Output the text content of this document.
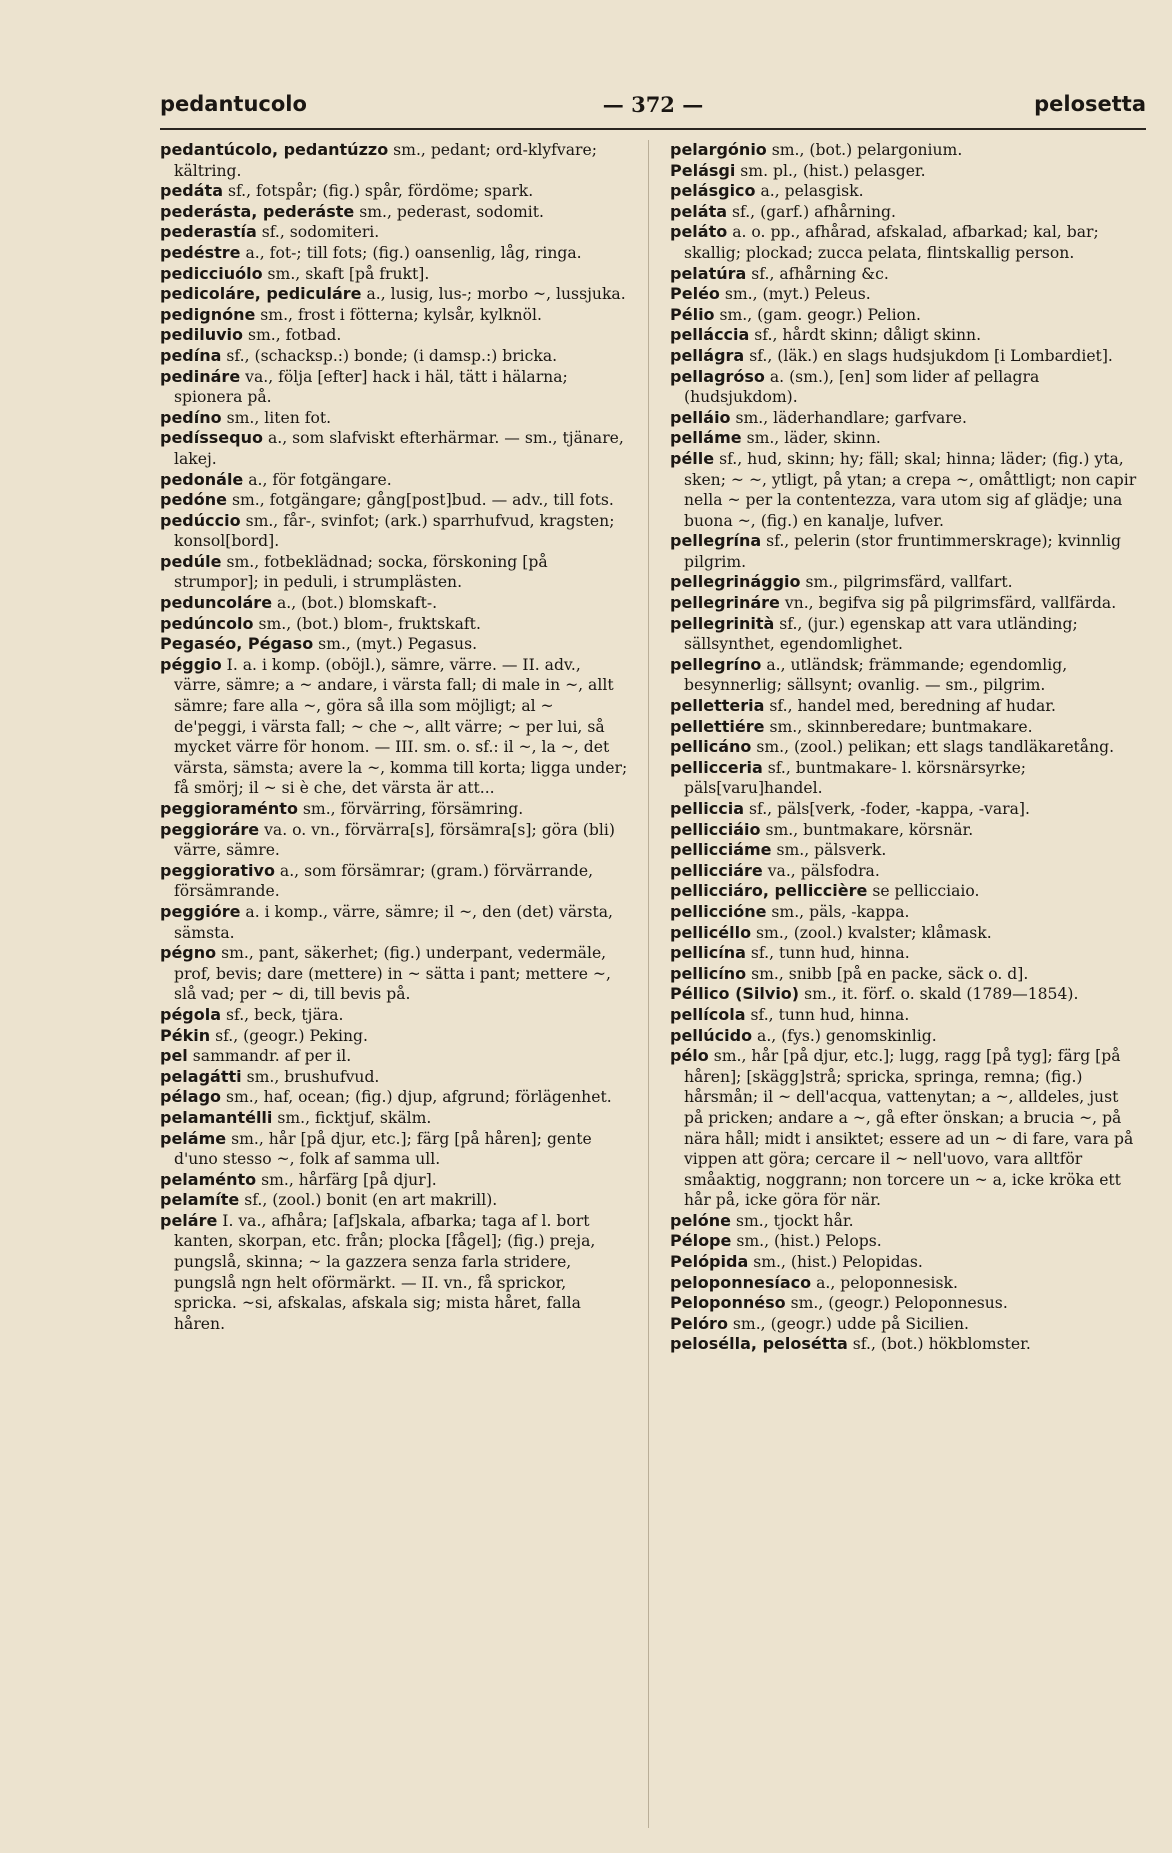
pedantucolo	— 372 —	pelosetta

pedantúcolo, pedantúzzo sm., pedant; ord-klyfvare; kältring.

pedáta sf., fotspår; (fig.) spår, fördöme; spark.

pederásta, pederáste sm., pederast, sodomit.

pederastía sf., sodomiteri.

pedéstre a., fot-; till fots; (fig.) oansenlig, låg, ringa.

pedicciuólo sm., skaft [på frukt].

pedicoláre, pediculáre a., lusig, lus-; morbo ~, lussjuka.

pedignóne sm., frost i fötterna; kylsår, kylknöl.

pediluvio sm., fotbad.

pedína sf., (schacksp.:) bonde; (i damsp.:) bricka.

pedináre va., följa [efter] hack i häl, tätt i hälarna; spionera på.

pedíno sm., liten fot.

pedíssequo a., som slafviskt efterhärmar. — sm., tjänare, lakej.

pedonále a., för fotgängare.

pedóne sm., fotgängare; gång[post]bud. — adv., till fots.

pedúccio sm., får-, svinfot; (ark.) sparrhufvud, kragsten; konsol[bord].

pedúle sm., fotbeklädnad; socka, förskoning [på strumpor]; in peduli, i strumplästen.

peduncoláre a., (bot.) blomskaft-.

pedúncolo sm., (bot.) blom-, fruktskaft.

Pegaséo, Pégaso sm., (myt.) Pegasus.

péggio I. a. i komp. (oböjl.), sämre, värre. — II. adv., värre, sämre; a ~ andare, i värsta fall; di male in ~, allt sämre; fare alla ~, göra så illa som möjligt; al ~ de'peggi, i värsta fall; ~ che ~, allt värre; ~ per lui, så mycket värre för honom. — III. sm. o. sf.: il ~, la ~, det värsta, sämsta; avere la ~, komma till korta; ligga under; få smörj; il ~ si è che, det värsta är att...

peggioraménto sm., förvärring, försämring.

peggioráre va. o. vn., förvärra[s], försämra[s]; göra (bli) värre, sämre.

peggiorativo a., som försämrar; (gram.) förvärrande, försämrande.

peggióre a. i komp., värre, sämre; il ~, den (det) värsta, sämsta.

pégno sm., pant, säkerhet; (fig.) underpant, vedermäle, prof, bevis; dare (mettere) in ~ sätta i pant; mettere ~, slå vad; per ~ di, till bevis på.

pégola sf., beck, tjära.

Pékin sf., (geogr.) Peking.

pel sammandr. af per il.

pelagátti sm., brushufvud.

pélago sm., haf, ocean; (fig.) djup, afgrund; förlägenhet.

pelamantélli sm., ficktjuf, skälm.

peláme sm., hår [på djur, etc.]; färg [på håren]; gente d'uno stesso ~, folk af samma ull.

pelaménto sm., hårfärg [på djur].

pelamíte sf., (zool.) bonit (en art makrill).

peláre I. va., afhåra; [af]skala, afbarka; taga af l. bort kanten, skorpan, etc. från; plocka [fågel]; (fig.) preja, pungslå, skinna; ~ la gazzera senza farla stridere, pungslå ngn helt oförmärkt. — II. vn., få sprickor, spricka. ~si, afskalas, afskala sig; mista håret, falla håren.

pelargónio sm., (bot.) pelargonium.

Pelásgi sm. pl., (hist.) pelasger.

pelásgico a., pelasgisk.

peláta sf., (garf.) afhårning.

peláto a. o. pp., afhårad, afskalad, afbarkad; kal, bar; skallig; plockad; zucca pelata, flintskallig person.

pelatúra sf., afhårning &c.

Peléo sm., (myt.) Peleus.

Pélio sm., (gam. geogr.) Pelion.

pelláccia sf., hårdt skinn; dåligt skinn.

pellágra sf., (läk.) en slags hudsjukdom [i Lombardiet].

pellagróso a. (sm.), [en] som lider af pellagra (hudsjukdom).

pelláio sm., läderhandlare; garfvare.

pelláme sm., läder, skinn.

pélle sf., hud, skinn; hy; fäll; skal; hinna; läder; (fig.) yta, sken; ~ ~, ytligt, på ytan; a crepa ~, omåttligt; non capir nella ~ per la contentezza, vara utom sig af glädje; una buona ~, (fig.) en kanalje, lufver.

pellegrína sf., pelerin (stor fruntimmerskrage); kvinnlig pilgrim.

pellegrinággio sm., pilgrimsfärd, vallfart.

pellegrináre vn., begifva sig på pilgrimsfärd, vallfärda.

pellegrinità sf., (jur.) egenskap att vara utländing; sällsynthet, egendomlighet.

pellegríno a., utländsk; främmande; egendomlig, besynnerlig; sällsynt; ovanlig. — sm., pilgrim.

pelletteria sf., handel med, beredning af hudar.

pellettiére sm., skinnberedare; buntmakare.

pellicáno sm., (zool.) pelikan; ett slags tandläkaretång.

pellicceria sf., buntmakare- l. körsnärsyrke; päls[varu]handel.

pelliccia sf., päls[verk, -foder, -kappa, -vara].

pellicciáio sm., buntmakare, körsnär.

pellicciáme sm., pälsverk.

pellicciáre va., pälsfodra.

pellicciáro, pelliccière se pellicciaio.

pelliccióne sm., päls, -kappa.

pellicéllo sm., (zool.) kvalster; klåmask.

pellicína sf., tunn hud, hinna.

pellicíno sm., snibb [på en packe, säck o. d].

Péllico (Silvio) sm., it. förf. o. skald (1789—1854).

pellícola sf., tunn hud, hinna.

pellúcido a., (fys.) genomskinlig.

pélo sm., hår [på djur, etc.]; lugg, ragg [på tyg]; färg [på håren]; [skägg]strå; spricka, springa, remna; (fig.) hårsmån; il ~ dell'acqua, vattenytan; a ~, alldeles, just på pricken; andare a ~, gå efter önskan; a brucia ~, på nära håll; midt i ansiktet; essere ad un ~ di fare, vara på vippen att göra; cercare il ~ nell'uovo, vara alltför småaktig, noggrann; non torcere un ~ a, icke kröka ett hår på, icke göra för när.

pelóne sm., tjockt hår.

Pélope sm., (hist.) Pelops.

Pelópida sm., (hist.) Pelopidas.

peloponnesíaco a., peloponnesisk.

Peloponnéso sm., (geogr.) Peloponnesus.

Pelóro sm., (geogr.) udde på Sicilien.

pelosélla, pelosétta sf., (bot.) hökblomster.
